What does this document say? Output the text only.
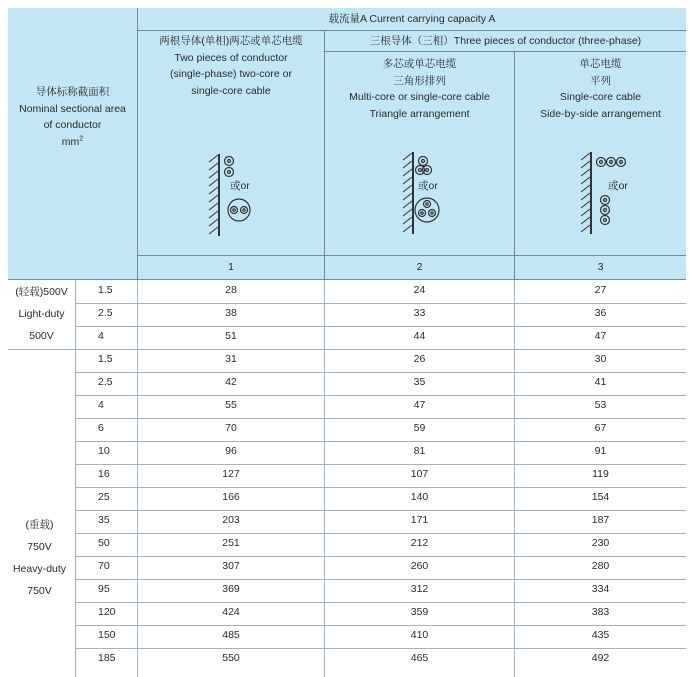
载流量A Current carrying capacity A
导体标称截面积
Nominal sectional area
of conductor
$mm^2$
两根导体(单相)两芯或单芯电缆
Two pieces of conductor
(single-phase) two-core or
single-core cable
三根导体（三相）Three pieces of conductor (three-phase)
多芯或单芯电缆
三角形排列
Multi-core or single-core cable
Triangle arrangement
单芯电缆
平列
Single-core cable
Side-by-side arrangement
或or	或or	或or
1	2	3
(轻载)500V
Light-duty
500V
(重载)
750V
Heavy-duty
750V
1.5	28	24	27
2.5	38	33	36
4	51	44	47
1.5	31	26	30
2.5	42	35	41
4	55	47	53
6	70	59	67
10	96	81	91
16	127	107	119
25	166	140	154
35	203	171	187
50	251	212	230
70	307	260	280
95	369	312	334
120	424	359	383
150	485	410	435
185	550	465	492
